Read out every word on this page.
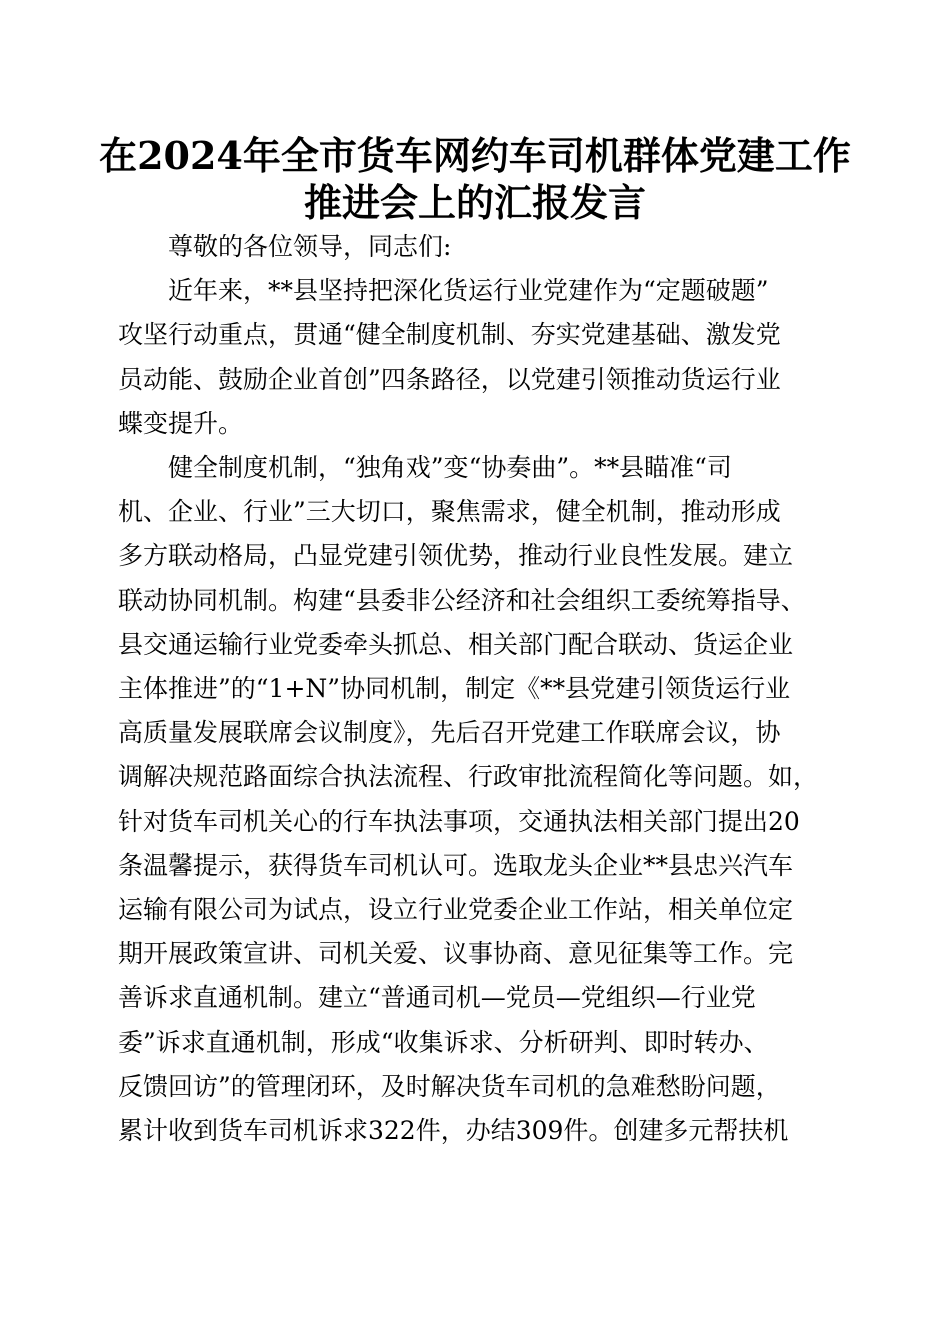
在2024年全市货车网约车司机群体党建工作
推进会上的汇报发言
尊敬的各位领导，同志们:
近年来，**县坚持把深化货运行业党建作为“定题破题”
攻坚行动重点，贯通“健全制度机制、夯实党建基础、激发党
员动能、鼓励企业首创”四条路径，以党建引领推动货运行业
蝶变提升。
健全制度机制，“独角戏”变“协奏曲”。**县瞄准“司
机、企业、行业”三大切口，聚焦需求，健全机制，推动形成
多方联动格局，凸显党建引领优势，推动行业良性发展。建立
联动协同机制。构建“县委非公经济和社会组织工委统筹指导、
县交通运输行业党委牵头抓总、相关部门配合联动、货运企业
主体推进”的“1+N”协同机制，制定《**县党建引领货运行业
高质量发展联席会议制度》，先后召开党建工作联席会议，协
调解决规范路面综合执法流程、行政审批流程简化等问题。如，
针对货车司机关心的行车执法事项，交通执法相关部门提出20
条温馨提示，获得货车司机认可。选取龙头企业**县忠兴汽车
运输有限公司为试点，设立行业党委企业工作站，相关单位定
期开展政策宣讲、司机关爱、议事协商、意见征集等工作。完
善诉求直通机制。建立“普通司机—党员—党组织—行业党
委”诉求直通机制，形成“收集诉求、分析研判、即时转办、
反馈回访”的管理闭环，及时解决货车司机的急难愁盼问题，
累计收到货车司机诉求322件，办结309件。创建多元帮扶机
